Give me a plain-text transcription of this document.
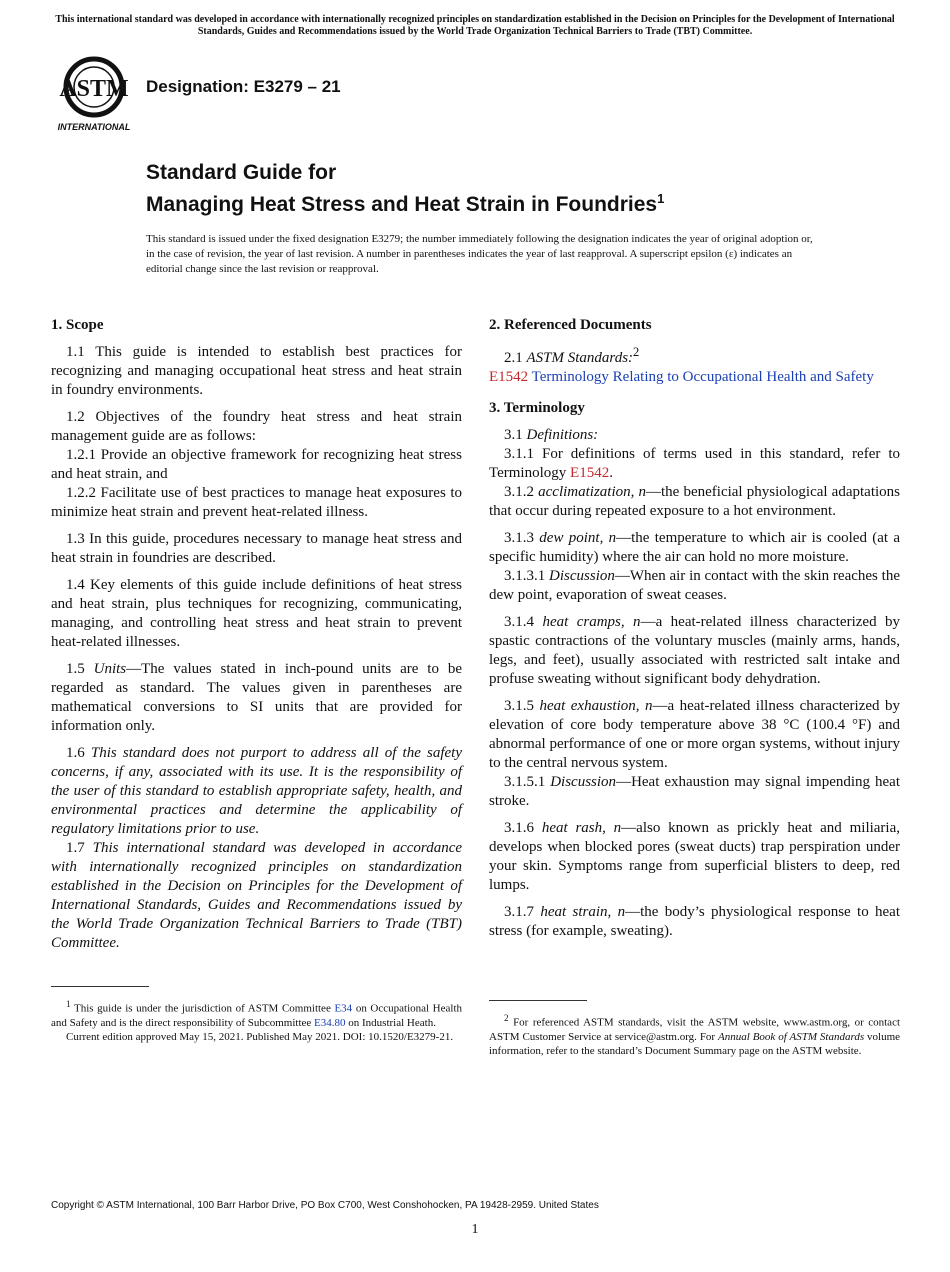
This international standard was developed in accordance with internationally recognized principles on standardization established in the Decision on Principles for the Development of International Standards, Guides and Recommendations issued by the World Trade Organization Technical Barriers to Trade (TBT) Committee.
ASTM
INTERNATIONAL
Designation: E3279 – 21
Standard Guide for
Managing Heat Stress and Heat Strain in Foundries$^1$
This standard is issued under the fixed designation E3279; the number immediately following the designation indicates the year of original adoption or, in the case of revision, the year of last revision. A number in parentheses indicates the year of last reapproval. A superscript epsilon (ε) indicates an editorial change since the last revision or reapproval.
1. Scope

1.1 This guide is intended to establish best practices for recognizing and managing occupational heat stress and heat strain in foundry environments.

1.2 Objectives of the foundry heat stress and heat strain management guide are as follows:

1.2.1 Provide an objective framework for recognizing heat stress and heat strain, and

1.2.2 Facilitate use of best practices to manage heat exposures to minimize heat strain and prevent heat-related illness.

1.3 In this guide, procedures necessary to manage heat stress and heat strain in foundries are described.

1.4 Key elements of this guide include definitions of heat stress and heat strain, plus techniques for recognizing, communicating, managing, and controlling heat stress and heat strain to prevent heat-related illnesses.

1.5 Units—The values stated in inch-pound units are to be regarded as standard. The values given in parentheses are mathematical conversions to SI units that are provided for information only.

1.6 This standard does not purport to address all of the safety concerns, if any, associated with its use. It is the responsibility of the user of this standard to establish appropriate safety, health, and environmental practices and determine the applicability of regulatory limitations prior to use.

1.7 This international standard was developed in accordance with internationally recognized principles on standardization established in the Decision on Principles for the Development of International Standards, Guides and Recommendations issued by the World Trade Organization Technical Barriers to Trade (TBT) Committee.

2. Referenced Documents

2.1 ASTM Standards:$^2$

E1542 Terminology Relating to Occupational Health and Safety

3. Terminology

3.1 Definitions:

3.1.1 For definitions of terms used in this standard, refer to Terminology E1542.

3.1.2 acclimatization, n—the beneficial physiological adaptations that occur during repeated exposure to a hot environment.

3.1.3 dew point, n—the temperature to which air is cooled (at a specific humidity) where the air can hold no more moisture.

3.1.3.1 Discussion—When air in contact with the skin reaches the dew point, evaporation of sweat ceases.

3.1.4 heat cramps, n—a heat-related illness characterized by spastic contractions of the voluntary muscles (mainly arms, hands, legs, and feet), usually associated with restricted salt intake and profuse sweating without significant body dehydration.

3.1.5 heat exhaustion, n—a heat-related illness characterized by elevation of core body temperature above 38 °C (100.4 °F) and abnormal performance of one or more organ systems, without injury to the central nervous system.

3.1.5.1 Discussion—Heat exhaustion may signal impending heat stroke.

3.1.6 heat rash, n—also known as prickly heat and miliaria, develops when blocked pores (sweat ducts) trap perspiration under your skin. Symptoms range from superficial blisters to deep, red lumps.

3.1.7 heat strain, n—the body’s physiological response to heat stress (for example, sweating).

$^1$ This guide is under the jurisdiction of ASTM Committee E34 on Occupational Health and Safety and is the direct responsibility of Subcommittee E34.80 on Industrial Heath.

Current edition approved May 15, 2021. Published May 2021. DOI: 10.1520/E3279-21.

$^2$ For referenced ASTM standards, visit the ASTM website, www.astm.org, or contact ASTM Customer Service at service@astm.org. For Annual Book of ASTM Standards volume information, refer to the standard’s Document Summary page on the ASTM website.

Copyright © ASTM International, 100 Barr Harbor Drive, PO Box C700, West Conshohocken, PA 19428-2959. United States
1
